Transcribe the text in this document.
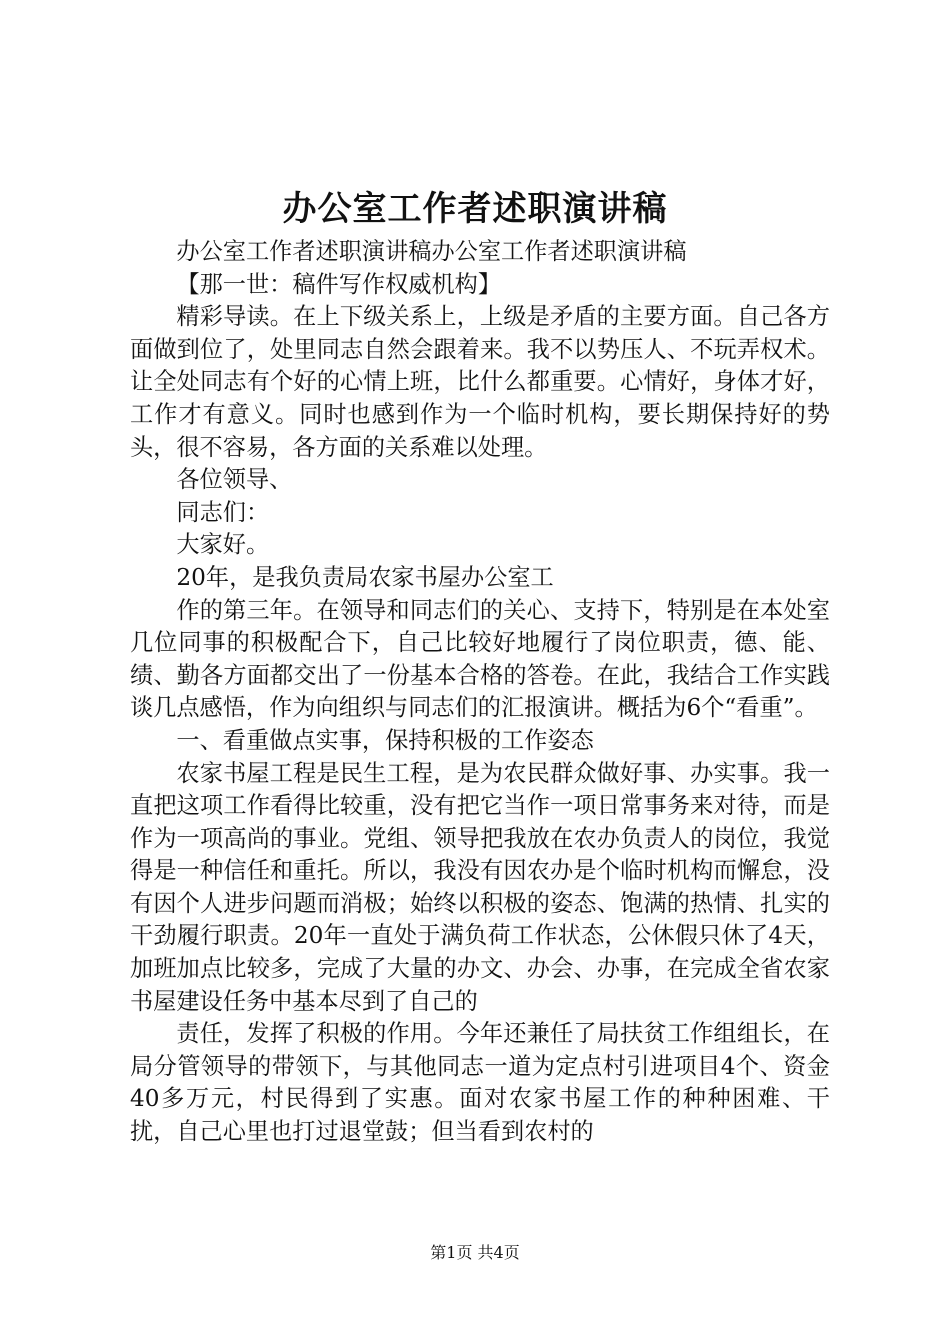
办公室工作者述职演讲稿

办公室工作者述职演讲稿办公室工作者述职演讲稿

【那一世：稿件写作权威机构】

精彩导读。在上下级关系上，上级是矛盾的主要方面。自己各方面做到位了，处里同志自然会跟着来。我不以势压人、不玩弄权术。让全处同志有个好的心情上班，比什么都重要。心情好，身体才好，工作才有意义。同时也感到作为一个临时机构，要长期保持好的势头，很不容易，各方面的关系难以处理。

各位领导、

同志们：

大家好。

20年，是我负责局农家书屋办公室工

作的第三年。在领导和同志们的关心、支持下，特别是在本处室几位同事的积极配合下，自己比较好地履行了岗位职责，德、能、绩、勤各方面都交出了一份基本合格的答卷。在此，我结合工作实践谈几点感悟，作为向组织与同志们的汇报演讲。概括为6个“看重”。

一、看重做点实事，保持积极的工作姿态

农家书屋工程是民生工程，是为农民群众做好事、办实事。我一直把这项工作看得比较重，没有把它当作一项日常事务来对待，而是作为一项高尚的事业。党组、领导把我放在农办负责人的岗位，我觉得是一种信任和重托。所以，我没有因农办是个临时机构而懈怠，没有因个人进步问题而消极；始终以积极的姿态、饱满的热情、扎实的干劲履行职责。20年一直处于满负荷工作状态，公休假只休了4天，加班加点比较多，完成了大量的办文、办会、办事，在完成全省农家书屋建设任务中基本尽到了自己的

责任，发挥了积极的作用。今年还兼任了局扶贫工作组组长，在局分管领导的带领下，与其他同志一道为定点村引进项目4个、资金40多万元，村民得到了实惠。面对农家书屋工作的种种困难、干扰，自己心里也打过退堂鼓；但当看到农村的

第1页 共4页
